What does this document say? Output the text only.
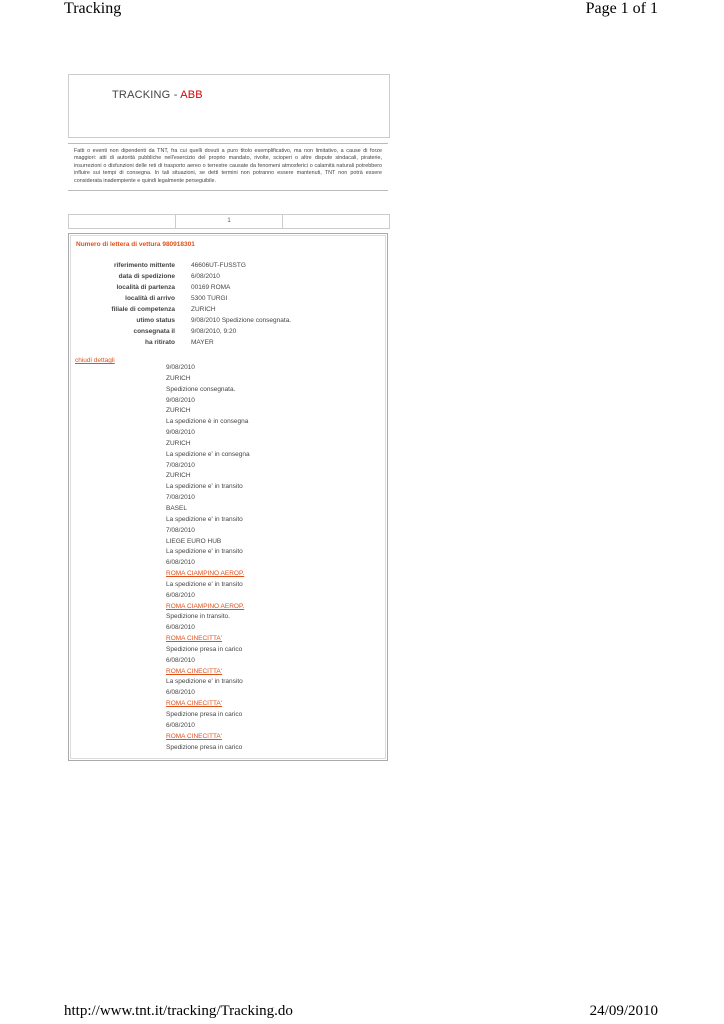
Tracking	Page 1 of 1
TRACKING - ABB
Fatti o eventi non dipendenti da TNT, fra cui quelli dovuti a puro titolo esemplificativo, ma non limitativo, a cause di forze maggiori: atti di autorità pubbliche nell'esercizio del proprio mandato, rivolte, scioperi o altre dispute sindacali, piraterie, insurrezioni o disfunzioni delle reti di trasporto aereo o terrestre causate da fenomeni atmosferici o calamità naturali potrebbero influire sui tempi di consegna. In tali situazioni, se detti termini non potranno essere mantenuti, TNT non potrà essere considerata inadempiente e quindi legalmente perseguibile.
1
Numero di lettera di vettura 980918301
riferimento mittente 46606UT-FUSSTG
data di spedizione 6/08/2010
località di partenza 00169 ROMA
località di arrivo 5300 TURGI
filiale di competenza ZURICH
utimo status 9/08/2010 Spedizione consegnata.
consegnata il 9/08/2010, 9:20
ha ritirato MAYER
chiudi dettagli
9/08/2010
ZURICH
Spedizione consegnata.
9/08/2010
ZURICH
La spedizione è in consegna
9/08/2010
ZURICH
La spedizione e' in consegna
7/08/2010
ZURICH
La spedizione e' in transito
7/08/2010
BASEL
La spedizione e' in transito
7/08/2010
LIEGE EURO HUB
La spedizione e' in transito
6/08/2010
ROMA CIAMPINO AEROP.
La spedizione e' in transito
6/08/2010
ROMA CIAMPINO AEROP.
Spedizione in transito.
6/08/2010
ROMA CINECITTA'
Spedizione presa in carico
6/08/2010
ROMA CINECITTA'
La spedizione e' in transito
6/08/2010
ROMA CINECITTA'
Spedizione presa in carico
6/08/2010
ROMA CINECITTA'
Spedizione presa in carico
http://www.tnt.it/tracking/Tracking.do	24/09/2010
